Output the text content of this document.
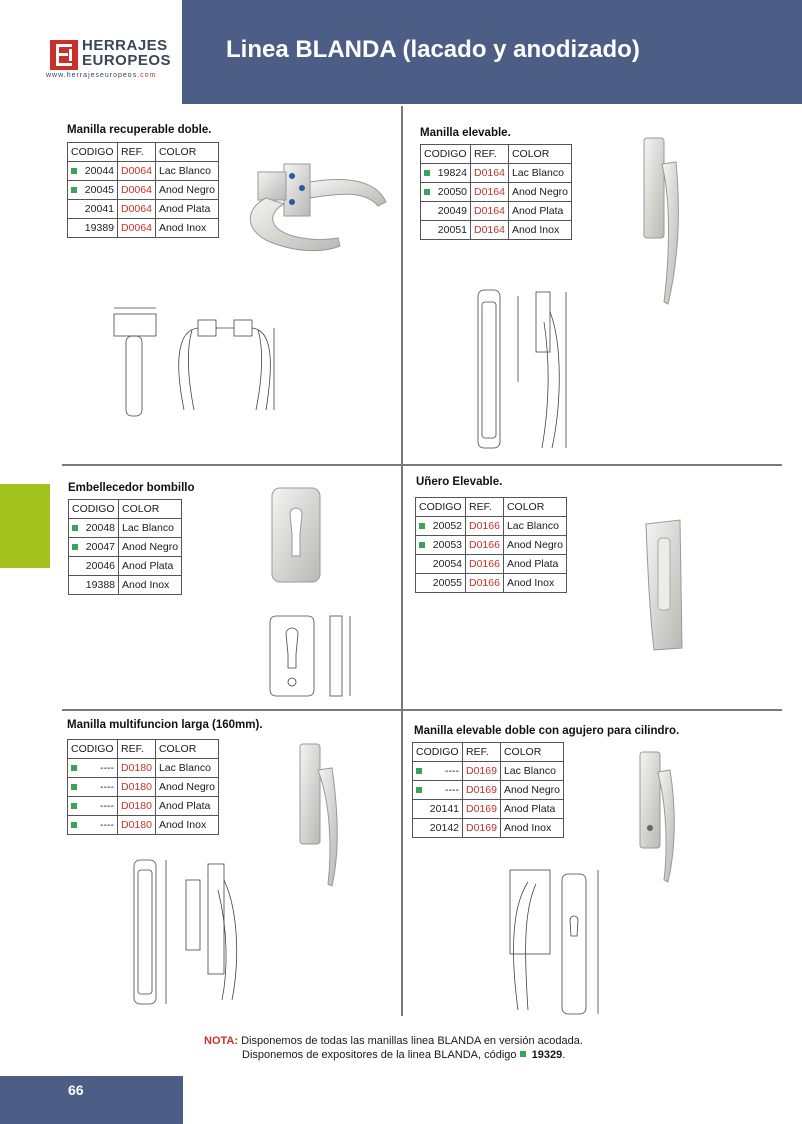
Linea BLANDA (lacado y anodizado)
HERRAJES
EUROPEOS
www.herrajeseuropeos.com
Manilla recuperable doble.	Manilla elevable.
Embellecedor bombillo	Uñero Elevable.
Manilla multifuncion larga (160mm).	Manilla elevable doble con agujero para cilindro.
CODIGO	REF.	COLOR

20044	D0064	Lac Blanco

20045	D0064	Anod Negro

20041	D0064	Anod Plata

19389	D0064	Anod Inox
CODIGO	REF.	COLOR

19824	D0164	Lac Blanco

20050	D0164	Anod Negro

20049	D0164	Anod Plata

20051	D0164	Anod Inox
CODIGO	COLOR

20048	Lac Blanco

20047	Anod Negro

20046	Anod Plata

19388	Anod Inox
CODIGO	REF.	COLOR

20052	D0166	Lac Blanco

20053	D0166	Anod Negro

20054	D0166	Anod Plata

20055	D0166	Anod Inox
CODIGO	REF.	COLOR

----	D0180	Lac Blanco

----	D0180	Anod Negro

----	D0180	Anod Plata

----	D0180	Anod Inox
CODIGO	REF.	COLOR

----	D0169	Lac Blanco

----	D0169	Anod Negro

20141	D0169	Anod Plata

20142	D0169	Anod Inox
NOTA: Disponemos de todas las manillas linea BLANDA en versión acodada.
Disponemos de expositores de la linea BLANDA, código 19329.
66
